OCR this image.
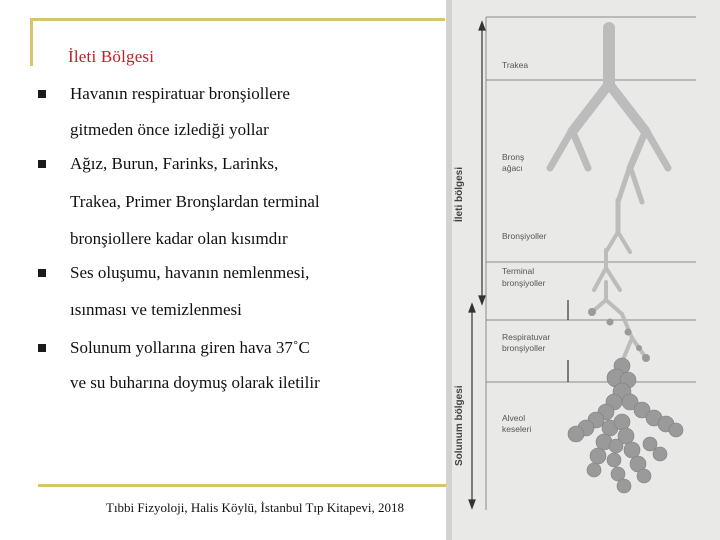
İleti Bölgesi
Havanın respiratuar bronşiollere
gitmeden önce izlediği yollar
Ağız, Burun, Farinks, Larinks,
Trakea, Primer Bronşlardan terminal
bronşiollere kadar olan kısımdır
Ses oluşumu, havanın nemlenmesi,
ısınması ve temizlenmesi
Solunum yollarına giren hava 37˚C
ve su buharına doymuş olarak iletilir
Tıbbi Fizyoloji, Halis Köylü, İstanbul Tıp Kitapevi, 2018
İleti bölgesi
Solunum bölgesi
Trakea
Bronş
ağacı
Bronşiyoller
Terminal
bronşiyoller
Respiratuvar
bronşiyoller
Alveol
keseleri
